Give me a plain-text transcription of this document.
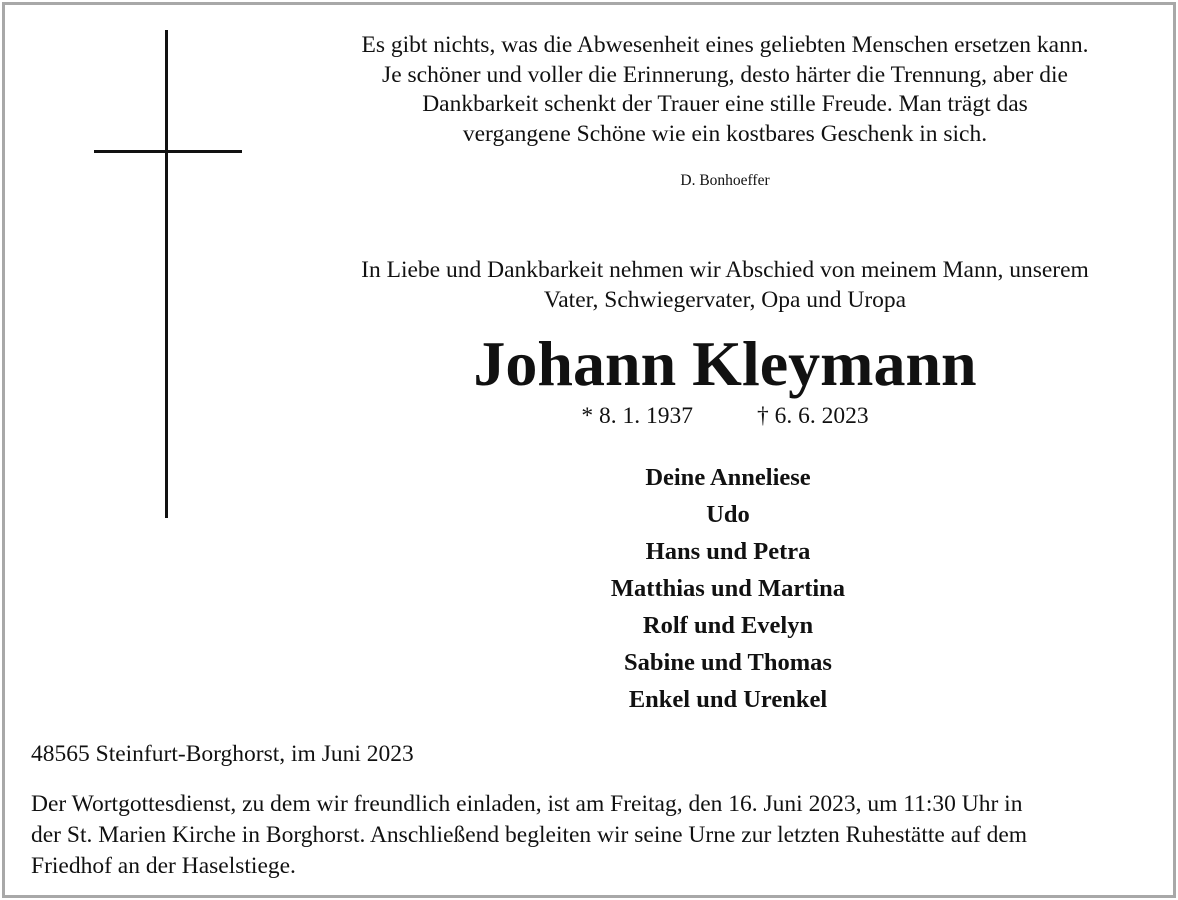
Es gibt nichts, was die Abwesenheit eines geliebten Menschen ersetzen kann.
Je schöner und voller die Erinnerung, desto härter die Trennung, aber die
Dankbarkeit schenkt der Trauer eine stille Freude. Man trägt das
vergangene Schöne wie ein kostbares Geschenk in sich.
D. Bonhoeffer
In Liebe und Dankbarkeit nehmen wir Abschied von meinem Mann, unserem
Vater, Schwiegervater, Opa und Uropa
Johann Kleymann
* 8. 1. 1937	† 6. 6. 2023
Deine Anneliese
Udo
Hans und Petra
Matthias und Martina
Rolf und Evelyn
Sabine und Thomas
Enkel und Urenkel
48565 Steinfurt-Borghorst, im Juni 2023
Der Wortgottesdienst, zu dem wir freundlich einladen, ist am Freitag, den 16. Juni 2023, um 11:30 Uhr in
der St. Marien Kirche in Borghorst. Anschließend begleiten wir seine Urne zur letzten Ruhestätte auf dem
Friedhof an der Haselstiege.
